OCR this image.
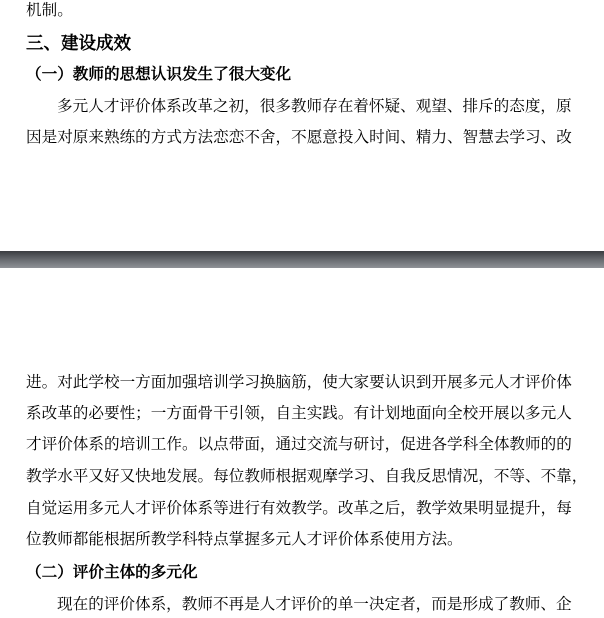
机制。
三、建设成效
（一）教师的思想认识发生了很大变化
多元人才评价体系改革之初，很多教师存在着怀疑、观望、排斥的态度，原
因是对原来熟练的方式方法恋恋不舍，不愿意投入时间、精力、智慧去学习、改
进。对此学校一方面加强培训学习换脑筋，使大家要认识到开展多元人才评价体
系改革的必要性；一方面骨干引领，自主实践。有计划地面向全校开展以多元人
才评价体系的培训工作。以点带面，通过交流与研讨，促进各学科全体教师的的
教学水平又好又快地发展。每位教师根据观摩学习、自我反思情况，不等、不靠，
自觉运用多元人才评价体系等进行有效教学。改革之后，教学效果明显提升，每
位教师都能根据所教学科特点掌握多元人才评价体系使用方法。
（二）评价主体的多元化
现在的评价体系，教师不再是人才评价的单一决定者，而是形成了教师、企
